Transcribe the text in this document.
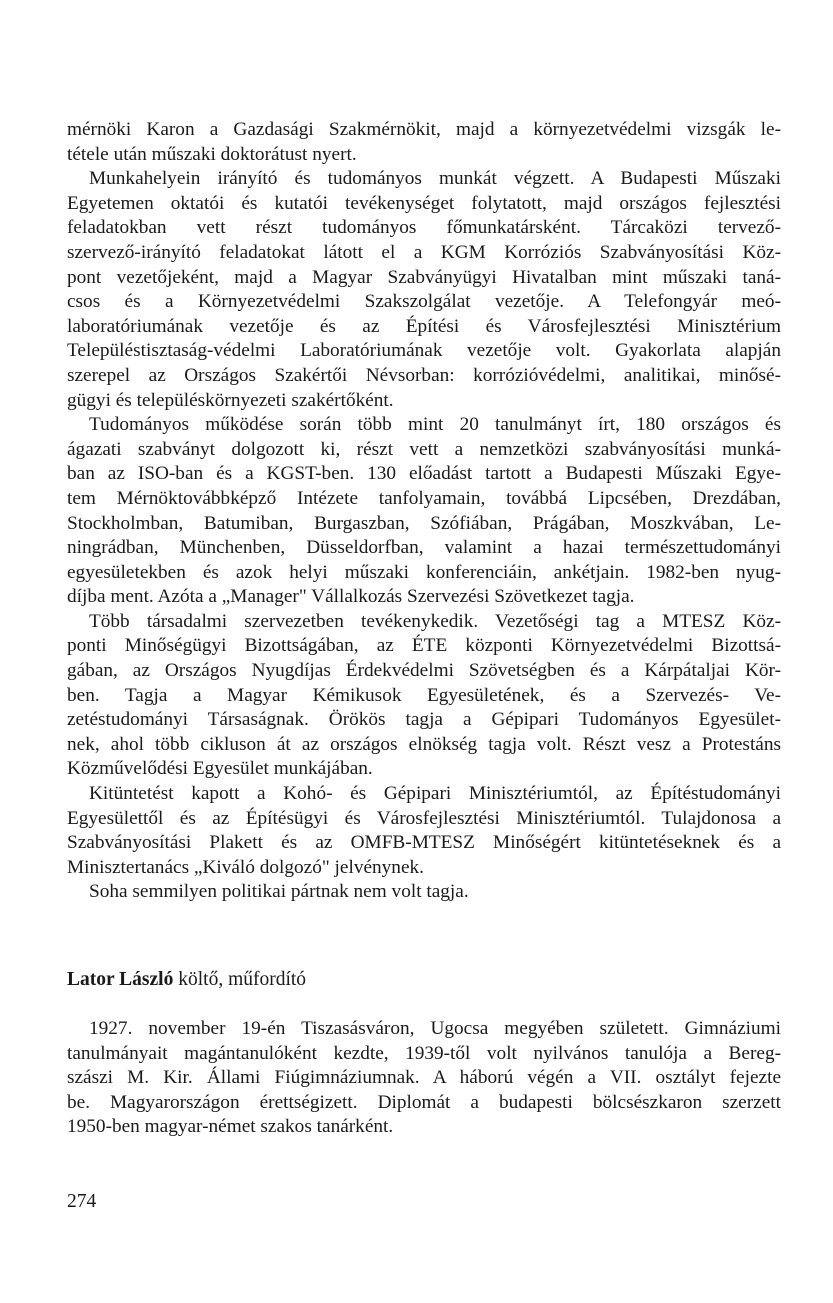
mérnöki Karon a Gazdasági Szakmérnökit, majd a környezetvédelmi vizsgák le-
tétele után műszaki doktorátust nyert.
Munkahelyein irányító és tudományos munkát végzett. A Budapesti Műszaki
Egyetemen oktatói és kutatói tevékenységet folytatott, majd országos fejlesztési
feladatokban vett részt tudományos főmunkatársként. Tárcaközi tervező-
szervező-irányító feladatokat látott el a KGM Korróziós Szabványosítási Köz-
pont vezetőjeként, majd a Magyar Szabványügyi Hivatalban mint műszaki taná-
csos és a Környezetvédelmi Szakszolgálat vezetője. A Telefongyár meó-
laboratóriumának vezetője és az Építési és Városfejlesztési Minisztérium
Településtisztaság-védelmi Laboratóriumának vezetője volt. Gyakorlata alapján
szerepel az Országos Szakértői Névsorban: korrózióvédelmi, analitikai, minősé-
gügyi és településkörnyezeti szakértőként.
Tudományos működése során több mint 20 tanulmányt írt, 180 országos és
ágazati szabványt dolgozott ki, részt vett a nemzetközi szabványosítási munká-
ban az ISO-ban és a KGST-ben. 130 előadást tartott a Budapesti Műszaki Egye-
tem Mérnöktovábbképző Intézete tanfolyamain, továbbá Lipcsében, Drezdában,
Stockholmban, Batumiban, Burgaszban, Szófiában, Prágában, Moszkvában, Le-
ningrádban, Münchenben, Düsseldorfban, valamint a hazai természettudományi
egyesületekben és azok helyi műszaki konferenciáin, ankétjain. 1982-ben nyug-
díjba ment. Azóta a „Manager" Vállalkozás Szervezési Szövetkezet tagja.
Több társadalmi szervezetben tevékenykedik. Vezetőségi tag a MTESZ Köz-
ponti Minőségügyi Bizottságában, az ÉTE központi Környezetvédelmi Bizottsá-
gában, az Országos Nyugdíjas Érdekvédelmi Szövetségben és a Kárpátaljai Kör-
ben. Tagja a Magyar Kémikusok Egyesületének, és a Szervezés- Ve-
zetéstudományi Társaságnak. Örökös tagja a Gépipari Tudományos Egyesület-
nek, ahol több cikluson át az országos elnökség tagja volt. Részt vesz a Protestáns
Közművelődési Egyesület munkájában.
Kitüntetést kapott a Kohó- és Gépipari Minisztériumtól, az Építéstudományi
Egyesülettől és az Építésügyi és Városfejlesztési Minisztériumtól. Tulajdonosa a
Szabványosítási Plakett és az OMFB-MTESZ Minőségért kitüntetéseknek és a
Minisztertanács „Kiváló dolgozó" jelvénynek.
Soha semmilyen politikai pártnak nem volt tagja.
Lator László költő, műfordító
1927. november 19-én Tiszasásváron, Ugocsa megyében született. Gimnáziumi
tanulmányait magántanulóként kezdte, 1939-től volt nyilvános tanulója a Bereg-
szászi M. Kir. Állami Fiúgimnáziumnak. A háború végén a VII. osztályt fejezte
be. Magyarországon érettségizett. Diplomát a budapesti bölcsészkaron szerzett
1950-ben magyar-német szakos tanárként.
274
